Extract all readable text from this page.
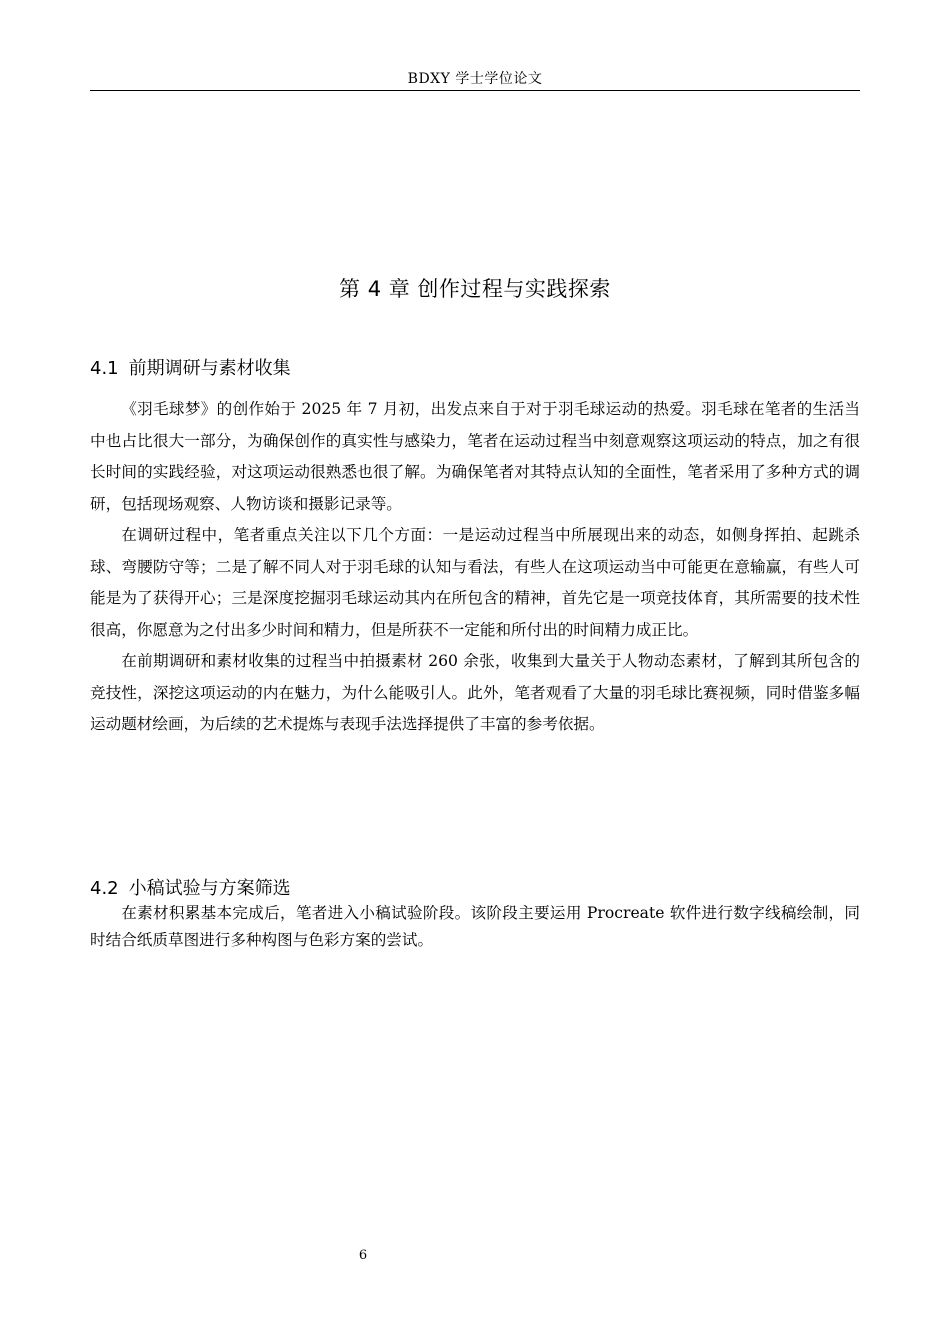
BDXY 学士学位论文
第 4 章 创作过程与实践探索
4.1 前期调研与素材收集

《羽毛球梦》的创作始于 2025 年 7 月初，出发点来自于对于羽毛球运动的热爱。羽毛球在笔者的生活当中也占比很大一部分，为确保创作的真实性与感染力，笔者在运动过程当中刻意观察这项运动的特点，加之有很长时间的实践经验，对这项运动很熟悉也很了解。为确保笔者对其特点认知的全面性，笔者采用了多种方式的调研，包括现场观察、人物访谈和摄影记录等。

在调研过程中，笔者重点关注以下几个方面：一是运动过程当中所展现出来的动态，如侧身挥拍、起跳杀球、弯腰防守等；二是了解不同人对于羽毛球的认知与看法，有些人在这项运动当中可能更在意输赢，有些人可能是为了获得开心；三是深度挖掘羽毛球运动其内在所包含的精神，首先它是一项竞技体育，其所需要的技术性很高，你愿意为之付出多少时间和精力，但是所获不一定能和所付出的时间精力成正比。

在前期调研和素材收集的过程当中拍摄素材 260 余张，收集到大量关于人物动态素材，了解到其所包含的竞技性，深挖这项运动的内在魅力，为什么能吸引人。此外，笔者观看了大量的羽毛球比赛视频，同时借鉴多幅运动题材绘画，为后续的艺术提炼与表现手法选择提供了丰富的参考依据。

4.2 小稿试验与方案筛选

在素材积累基本完成后，笔者进入小稿试验阶段。该阶段主要运用 Procreate 软件进行数字线稿绘制，同时结合纸质草图进行多种构图与色彩方案的尝试。

6
